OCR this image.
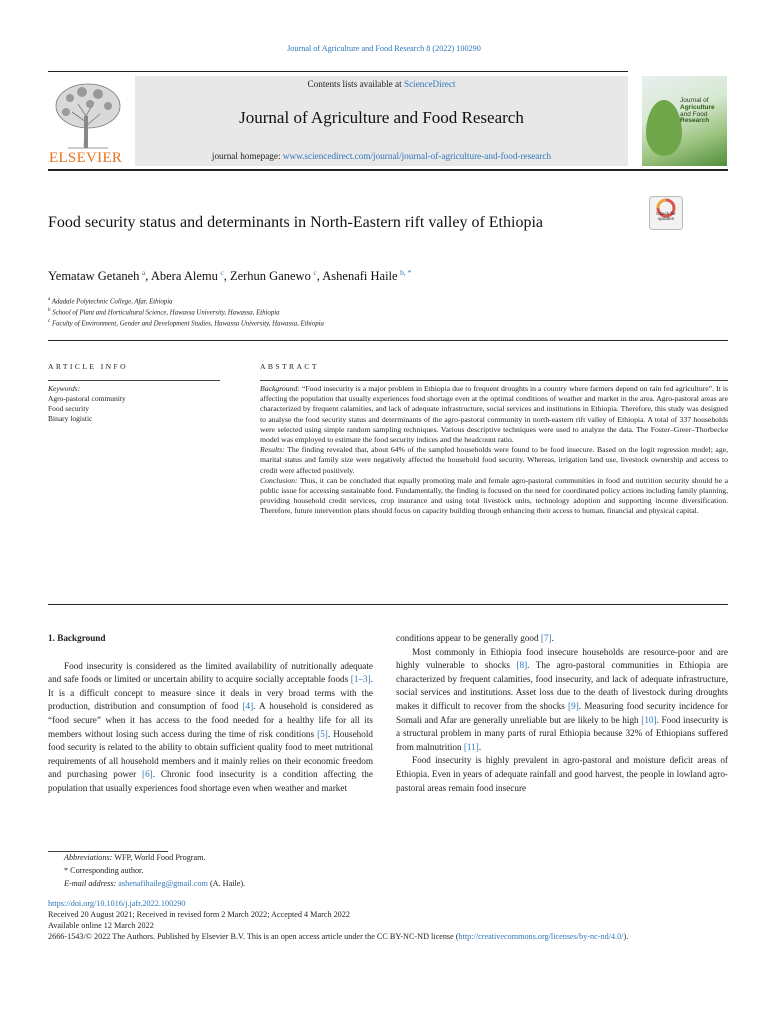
Journal of Agriculture and Food Research 8 (2022) 100290
ELSEVIER
Contents lists available at ScienceDirect
Journal of Agriculture and Food Research
journal homepage: www.sciencedirect.com/journal/journal-of-agriculture-and-food-research
Journal of
Agriculture
and Food
Research
Check for updates
Food security status and determinants in North-Eastern rift valley of Ethiopia
Yemataw Getaneh  $^a$, Abera Alemu  $^c$, Zerhun Ganewo  $^c$, Ashenafi Haile  $^{b, *}$
$^a$ Adadale Polytechnic College, Afar, Ethiopia
$^b$ School of Plant and Horticultural Science, Hawassa University, Hawassa, Ethiopia
$^c$ Faculty of Environment, Gender and Development Studies, Hawassa University, Hawassa, Ethiopia
ARTICLE INFO	ABSTRACT
Keywords:
Agro-pastoral community
Food security
Binary logistic

Background: “Food insecurity is a major problem in Ethiopia due to frequent droughts in a country where farmers depend on rain fed agriculture”. It is affecting the population that usually experiences food shortage even at the optimal conditions of weather and market in the area. Agro-pastoral areas are characterized by frequent calamities, and lack of adequate infrastructure, social services and institutions in Ethiopia. Therefore, this study was designed to analyse the food security status and determinants of the agro-pastoral community in north-eastern rift valley of Ethiopia. A total of 337 households were selected using simple random sampling techniques. Various descriptive techniques were used to analyze the data. The Foster–Greer–Thorbecke model was employed to estimate the food security indices and the headcount ratio.

Results: The finding revealed that, about 64% of the sampled households were found to be food insecure. Based on the logit regression model; age, marital status and family size were negatively affected the household food security. Whereas, irrigation land use, livestock ownership and access to credit were affected positively.

Conclusion: Thus, it can be concluded that equally promoting male and female agro-pastoral communities in food and nutrition security should be a public issue for accessing sustainable food. Fundamentally, the finding is focused on the need for coordinated policy actions including family planning, providing household credit services, crop insurance and using total livestock units, technology adoption and supporting income diversification. Therefore, future intervention plans should focus on capacity building through enhancing their access to human, financial and physical capital.

1. Background

Food insecurity is considered as the limited availability of nutritionally adequate and safe foods or limited or uncertain ability to acquire socially acceptable foods [1–3]. It is a difficult concept to measure since it deals in very broad terms with the production, distribution and consumption of food [4]. A household is considered as “food secure” when it has access to the food needed for a healthy life for all its members without losing such access during the time of risk conditions [5]. Household food security is related to the ability to obtain sufficient quality food to meet nutritional requirements of all household members and it mainly relies on their economic freedom and purchasing power [6]. Chronic food insecurity is a condition affecting the population that usually experiences food shortage even when weather and market

conditions appear to be generally good [7].

Most commonly in Ethiopia food insecure households are resource-poor and are highly vulnerable to shocks [8]. The agro-pastoral communities in Ethiopia are characterized by frequent calamities, food insecurity, and lack of adequate infrastructure, social services and institutions. Asset loss due to the death of livestock during droughts makes it difficult to recover from the shocks [9]. Measuring food security incidence for Somali and Afar are generally unreliable but are likely to be high [10]. Food insecurity is a structural problem in many parts of rural Ethiopia because 32% of Ethiopians suffered from malnutrition [11].

Food insecurity is highly prevalent in agro-pastoral and moisture deficit areas of Ethiopia. Even in years of adequate rainfall and good harvest, the people in lowland agro-pastoral areas remain food insecure

Abbreviations: WFP, World Food Program.
* Corresponding author.
E-mail address: ashenafihaileg@gmail.com (A. Haile).

https://doi.org/10.1016/j.jafr.2022.100290

Received 20 August 2021; Received in revised form 2 March 2022; Accepted 4 March 2022

Available online 12 March 2022

2666-1543/© 2022 The Authors. Published by Elsevier B.V. This is an open access article under the CC BY-NC-ND license (http://creativecommons.org/licenses/by-nc-nd/4.0/).
